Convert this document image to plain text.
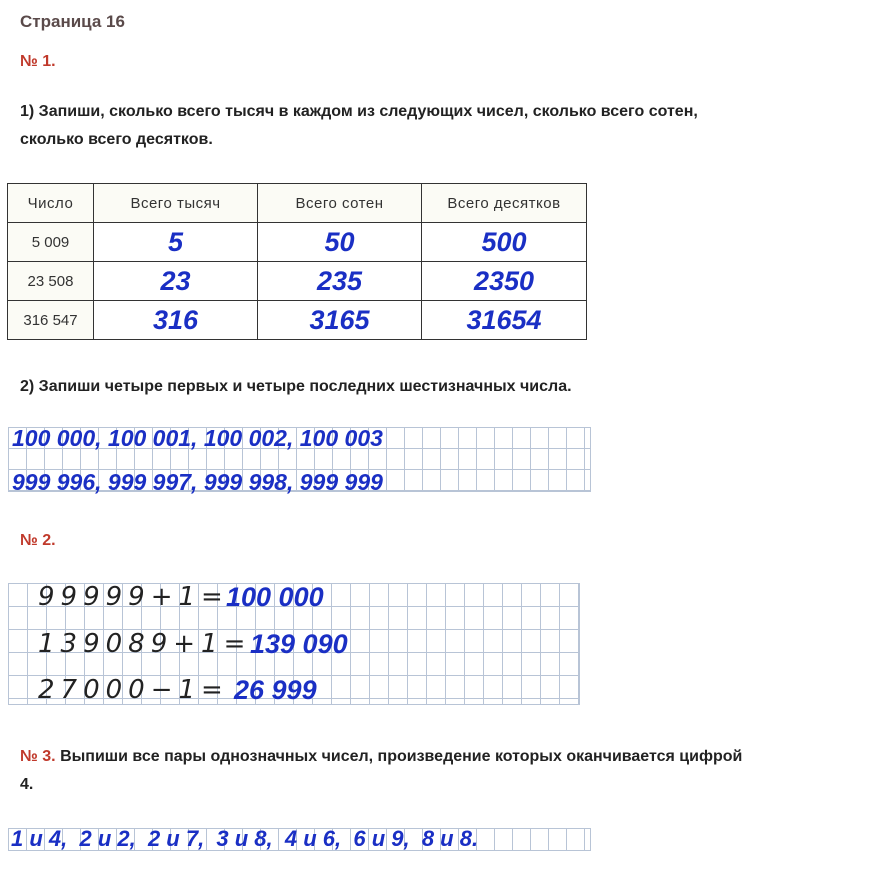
Страница 16
№ 1.
1) Запиши, сколько всего тысяч в каждом из следующих чисел, сколько всего сотен,
сколько всего десятков.
Число	Всего тысяч	Всего сотен	Всего десятков
5 009	5	50	500
23 508	23	235	2350
316 547	316	3165	31654
2) Запиши четыре первых и четыре последних шестизначных числа.
100 000, 100 001, 100 002, 100 003
999 996, 999 997, 999 998, 999 999
№ 2.
99999+1=
100 000
139089+1=
139 090
27000−1= 26 999
№ 3. Выпиши все пары однозначных чисел, произведение которых оканчивается цифрой
4.
1 и 4,  2 и 2,  2 и 7,  3 и 8,  4 и 6,  6 и 9,  8 и 8.
